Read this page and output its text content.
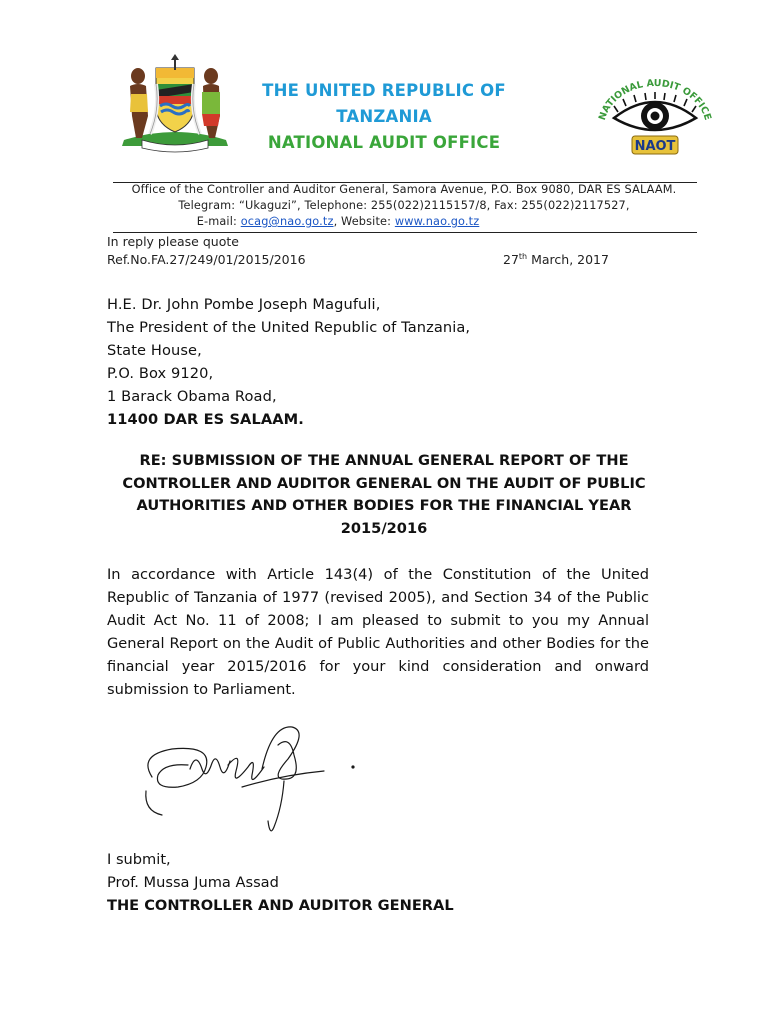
THE UNITED REPUBLIC OF
TANZANIA
NATIONAL AUDIT OFFICE
NATIONAL AUDIT OFFICE
NAOT
Office of the Controller and Auditor General, Samora Avenue, P.O. Box 9080, DAR ES SALAAM.
Telegram: “Ukaguzi”, Telephone: 255(022)2115157/8, Fax: 255(022)2117527,
E-mail: ocag@nao.go.tz, Website: www.nao.go.tz
In reply please quote
Ref.No.FA.27/249/01/2015/2016	27th March, 2017
H.E. Dr. John Pombe Joseph Magufuli,
The President of the United Republic of Tanzania,
State House,
P.O. Box 9120,
1 Barack Obama Road,
11400 DAR ES SALAAM.
RE: SUBMISSION OF THE ANNUAL GENERAL REPORT OF THE
CONTROLLER AND AUDITOR GENERAL ON THE AUDIT OF PUBLIC
AUTHORITIES AND OTHER BODIES FOR THE FINANCIAL YEAR
2015/2016
In accordance with Article 143(4) of the Constitution of the United Republic of Tanzania of 1977 (revised 2005), and Section 34 of the Public Audit Act No. 11 of 2008; I am pleased to submit to you my Annual General Report on the Audit of Public Authorities and other Bodies for the financial year 2015/2016 for your kind consideration and onward submission to Parliament.
I submit,
Prof. Mussa Juma Assad
THE CONTROLLER AND AUDITOR GENERAL
